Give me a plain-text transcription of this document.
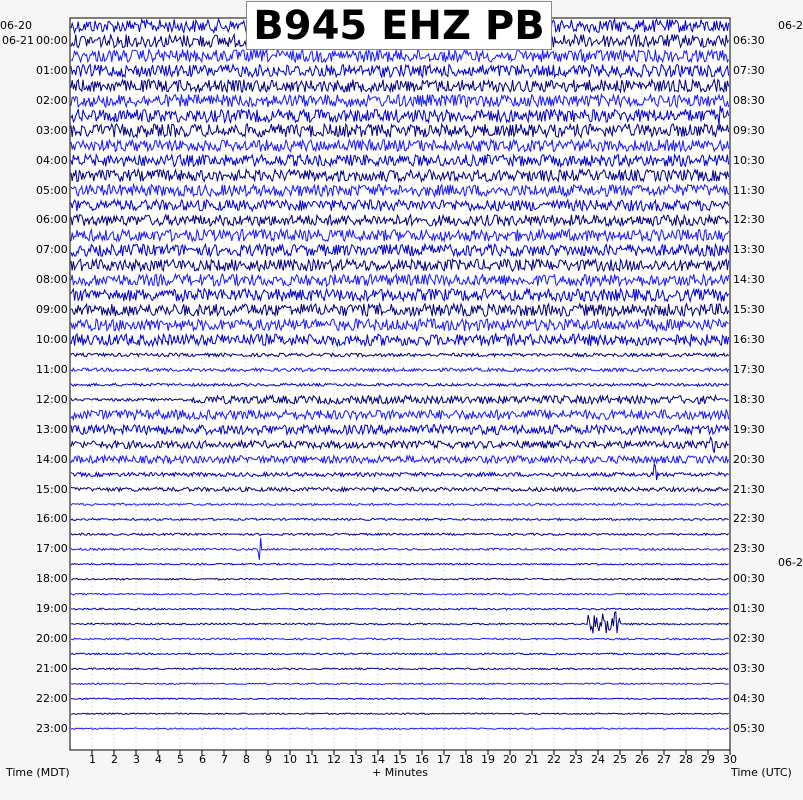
B945 EHZ PB
06-20
06-21
06-2
06-2
00:00
01:00
02:00
03:00
04:00
05:00
06:00
07:00
08:00
09:00
10:00
11:00
12:00
13:00
14:00
15:00
16:00
17:00
18:00
19:00
20:00
21:00
22:00
23:00
06:30
07:30
08:30
09:30
10:30
11:30
12:30
13:30
14:30
15:30
16:30
17:30
18:30
19:30
20:30
21:30
22:30
23:30
00:30
01:30
02:30
03:30
04:30
05:30
1 2 3 4 5 6 7 8 9 10 11 12 13 14 15 16 17 18 19 20 21 22 23 24 25 26 27 28 29 30
Time (MDT)	+ Minutes	Time (UTC)
